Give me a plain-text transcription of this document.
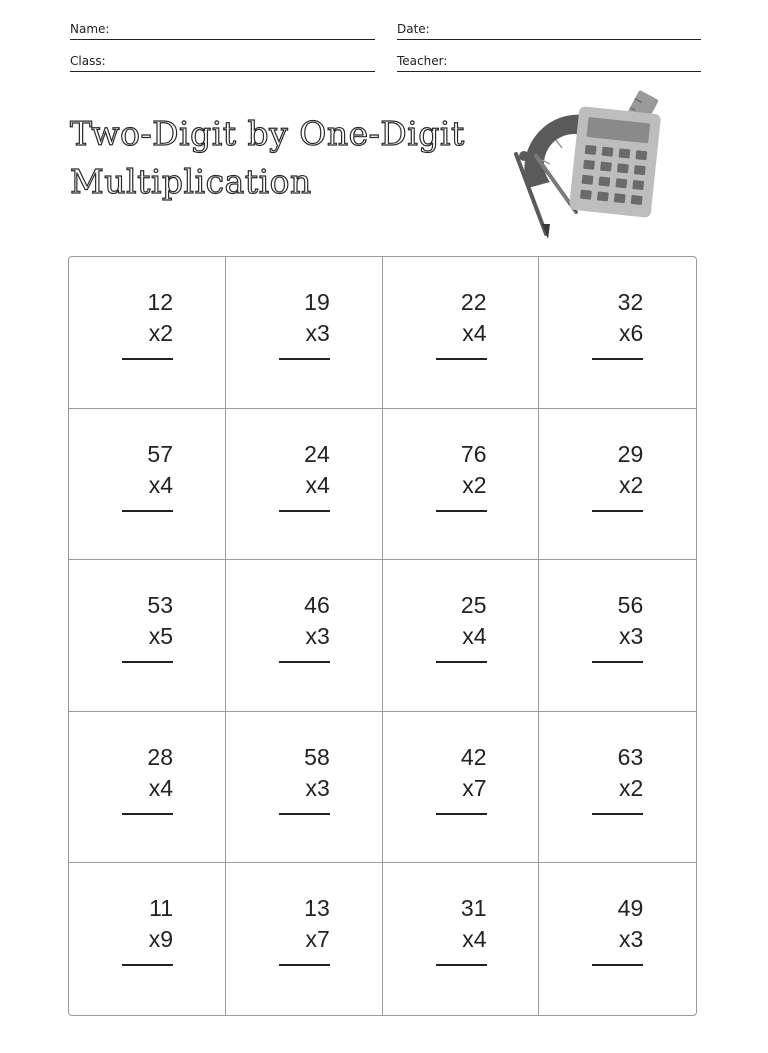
Name:	Date:
Class:	Teacher:
Two-Digit by One-Digit
Multiplication
12
x2
19
x3
22
x4
32
x6
57
x4
24
x4
76
x2
29
x2
53
x5
46
x3
25
x4
56
x3
28
x4
58
x3
42
x7
63
x2
11
x9
13
x7
31
x4
49
x3
